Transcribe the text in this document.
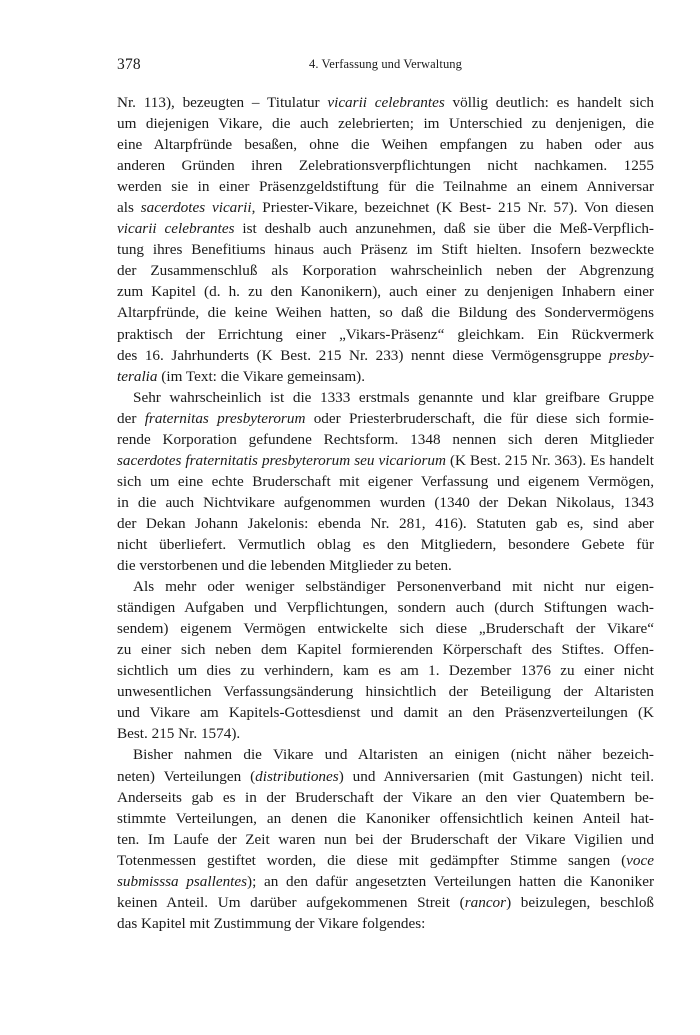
378	4. Verfassung und Verwaltung
Nr. 113), bezeugten – Titulatur vicarii celebrantes völlig deutlich: es handelt sich
um diejenigen Vikare, die auch zelebrierten; im Unterschied zu denjenigen, die
eine Altarpfründe besaßen, ohne die Weihen empfangen zu haben oder aus
anderen Gründen ihren Zelebrationsverpflichtungen nicht nachkamen. 1255
werden sie in einer Präsenzgeldstiftung für die Teilnahme an einem Anniversar
als sacerdotes vicarii, Priester-Vikare, bezeichnet (K Best- 215 Nr. 57). Von diesen
vicarii celebrantes ist deshalb auch anzunehmen, daß sie über die Meß-Verpflich-
tung ihres Benefitiums hinaus auch Präsenz im Stift hielten. Insofern bezweckte
der Zusammenschluß als Korporation wahrscheinlich neben der Abgrenzung
zum Kapitel (d. h. zu den Kanonikern), auch einer zu denjenigen Inhabern einer
Altarpfründe, die keine Weihen hatten, so daß die Bildung des Sondervermögens
praktisch der Errichtung einer „Vikars-Präsenz“ gleichkam. Ein Rückvermerk
des 16. Jahrhunderts (K Best. 215 Nr. 233) nennt diese Vermögensgruppe presby-
teralia (im Text: die Vikare gemeinsam).
Sehr wahrscheinlich ist die 1333 erstmals genannte und klar greifbare Gruppe
der fraternitas presbyterorum oder Priesterbruderschaft, die für diese sich formie-
rende Korporation gefundene Rechtsform. 1348 nennen sich deren Mitglieder
sacerdotes fraternitatis presbyterorum seu vicariorum (K Best. 215 Nr. 363). Es handelt
sich um eine echte Bruderschaft mit eigener Verfassung und eigenem Vermögen,
in die auch Nichtvikare aufgenommen wurden (1340 der Dekan Nikolaus, 1343
der Dekan Johann Jakelonis: ebenda Nr. 281, 416). Statuten gab es, sind aber
nicht überliefert. Vermutlich oblag es den Mitgliedern, besondere Gebete für
die verstorbenen und die lebenden Mitglieder zu beten.
Als mehr oder weniger selbständiger Personenverband mit nicht nur eigen-
ständigen Aufgaben und Verpflichtungen, sondern auch (durch Stiftungen wach-
sendem) eigenem Vermögen entwickelte sich diese „Bruderschaft der Vikare“
zu einer sich neben dem Kapitel formierenden Körperschaft des Stiftes. Offen-
sichtlich um dies zu verhindern, kam es am 1. Dezember 1376 zu einer nicht
unwesentlichen Verfassungsänderung hinsichtlich der Beteiligung der Altaristen
und Vikare am Kapitels-Gottesdienst und damit an den Präsenzverteilungen (K
Best. 215 Nr. 1574).
Bisher nahmen die Vikare und Altaristen an einigen (nicht näher bezeich-
neten) Verteilungen (distributiones) und Anniversarien (mit Gastungen) nicht teil.
Anderseits gab es in der Bruderschaft der Vikare an den vier Quatembern be-
stimmte Verteilungen, an denen die Kanoniker offensichtlich keinen Anteil hat-
ten. Im Laufe der Zeit waren nun bei der Bruderschaft der Vikare Vigilien und
Totenmessen gestiftet worden, die diese mit gedämpfter Stimme sangen (voce
submisssa psallentes); an den dafür angesetzten Verteilungen hatten die Kanoniker
keinen Anteil. Um darüber aufgekommenen Streit (rancor) beizulegen, beschloß
das Kapitel mit Zustimmung der Vikare folgendes:
